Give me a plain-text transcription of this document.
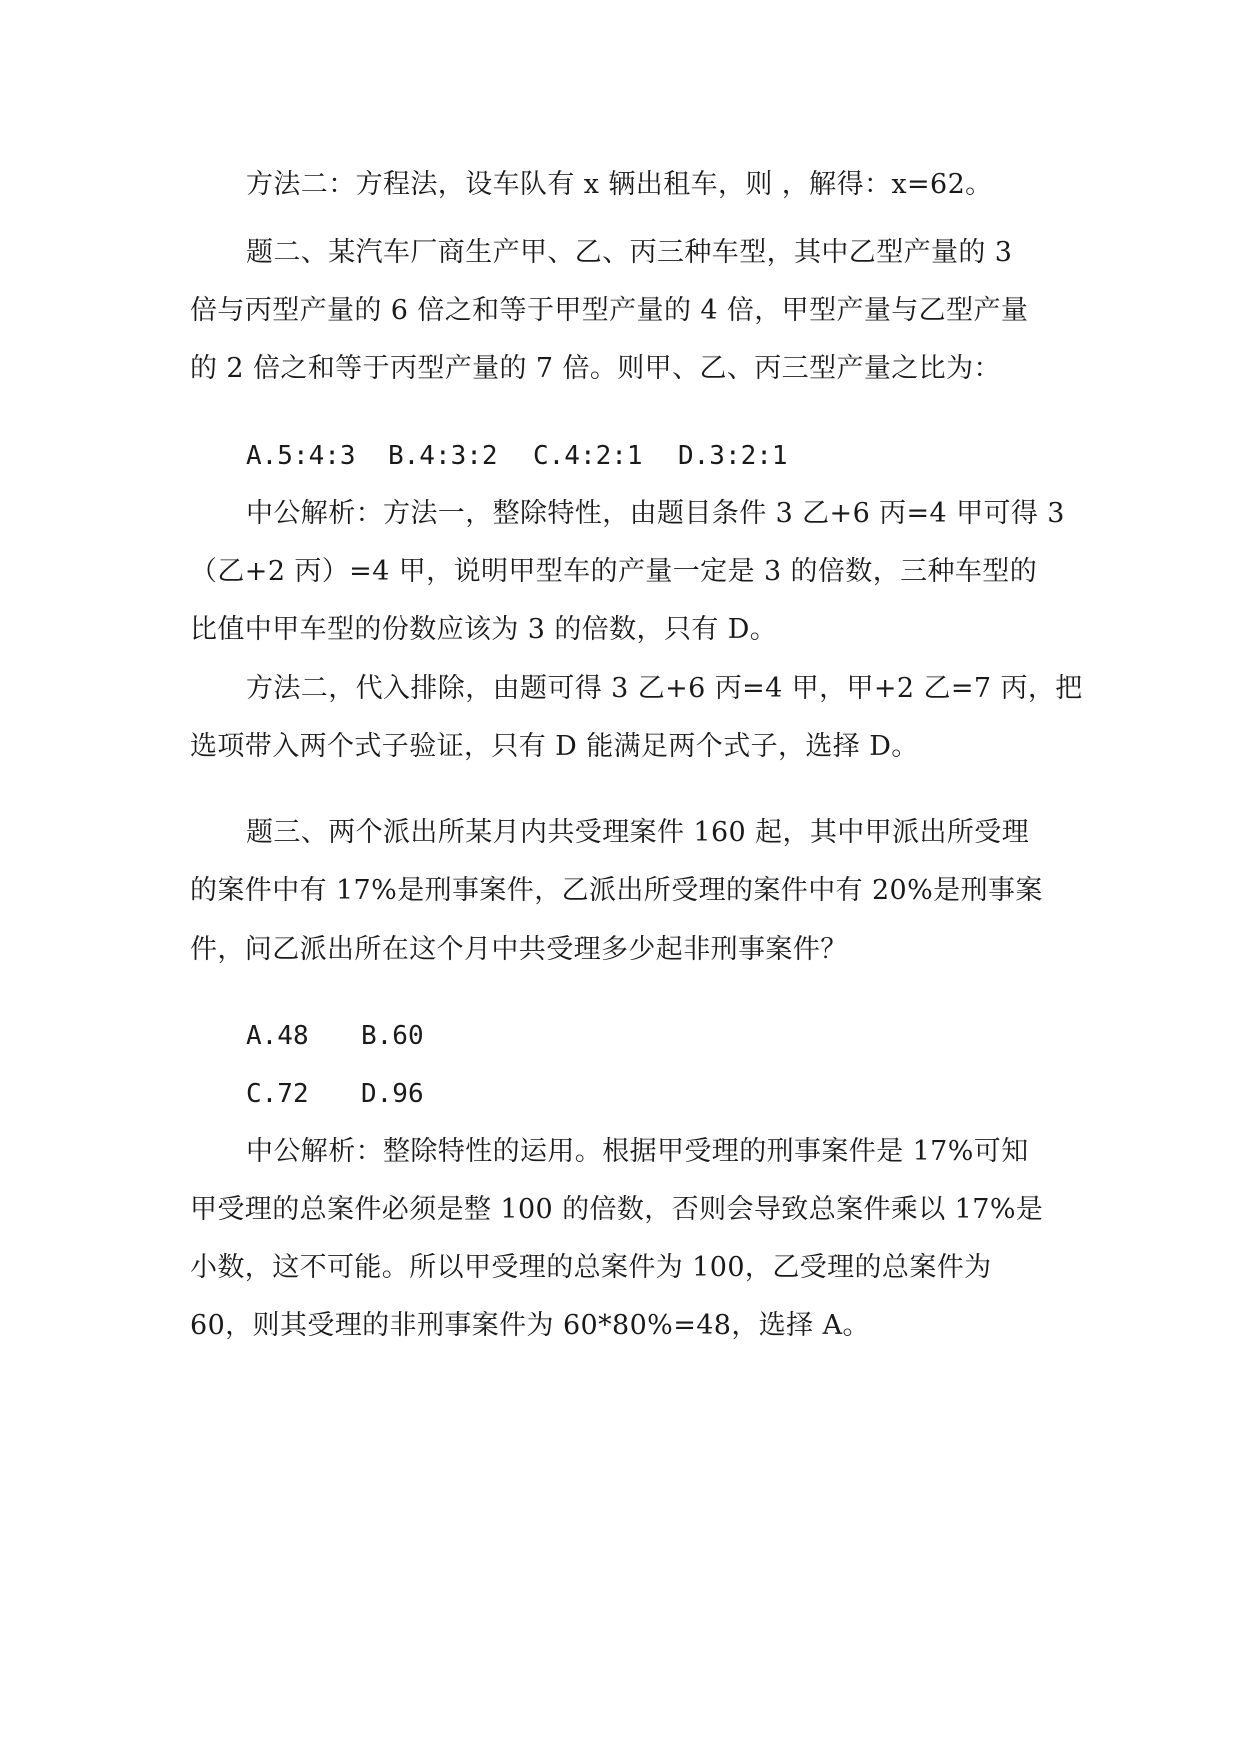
方法二：方程法，设车队有 x 辆出租车，则 ，解得：x=62。
题二、某汽车厂商生产甲、乙、丙三种车型，其中乙型产量的 3
倍与丙型产量的 6 倍之和等于甲型产量的 4 倍，甲型产量与乙型产量
的 2 倍之和等于丙型产量的 7 倍。则甲、乙、丙三型产量之比为：
A.5:4:3 B.4:3:2 C.4:2:1 D.3:2:1
中公解析：方法一，整除特性，由题目条件 3 乙+6 丙=4 甲可得 3
（乙+2 丙）=4 甲，说明甲型车的产量一定是 3 的倍数，三种车型的
比值中甲车型的份数应该为 3 的倍数，只有 D。
方法二，代入排除，由题可得 3 乙+6 丙=4 甲，甲+2 乙=7 丙，把
选项带入两个式子验证，只有 D 能满足两个式子，选择 D。
题三、两个派出所某月内共受理案件 160 起，其中甲派出所受理
的案件中有 17%是刑事案件，乙派出所受理的案件中有 20%是刑事案
件，问乙派出所在这个月中共受理多少起非刑事案件？
A.48 B.60
C.72 D.96
中公解析：整除特性的运用。根据甲受理的刑事案件是 17%可知
甲受理的总案件必须是整 100 的倍数，否则会导致总案件乘以 17%是
小数，这不可能。所以甲受理的总案件为 100，乙受理的总案件为
60，则其受理的非刑事案件为 60*80%=48，选择 A。
